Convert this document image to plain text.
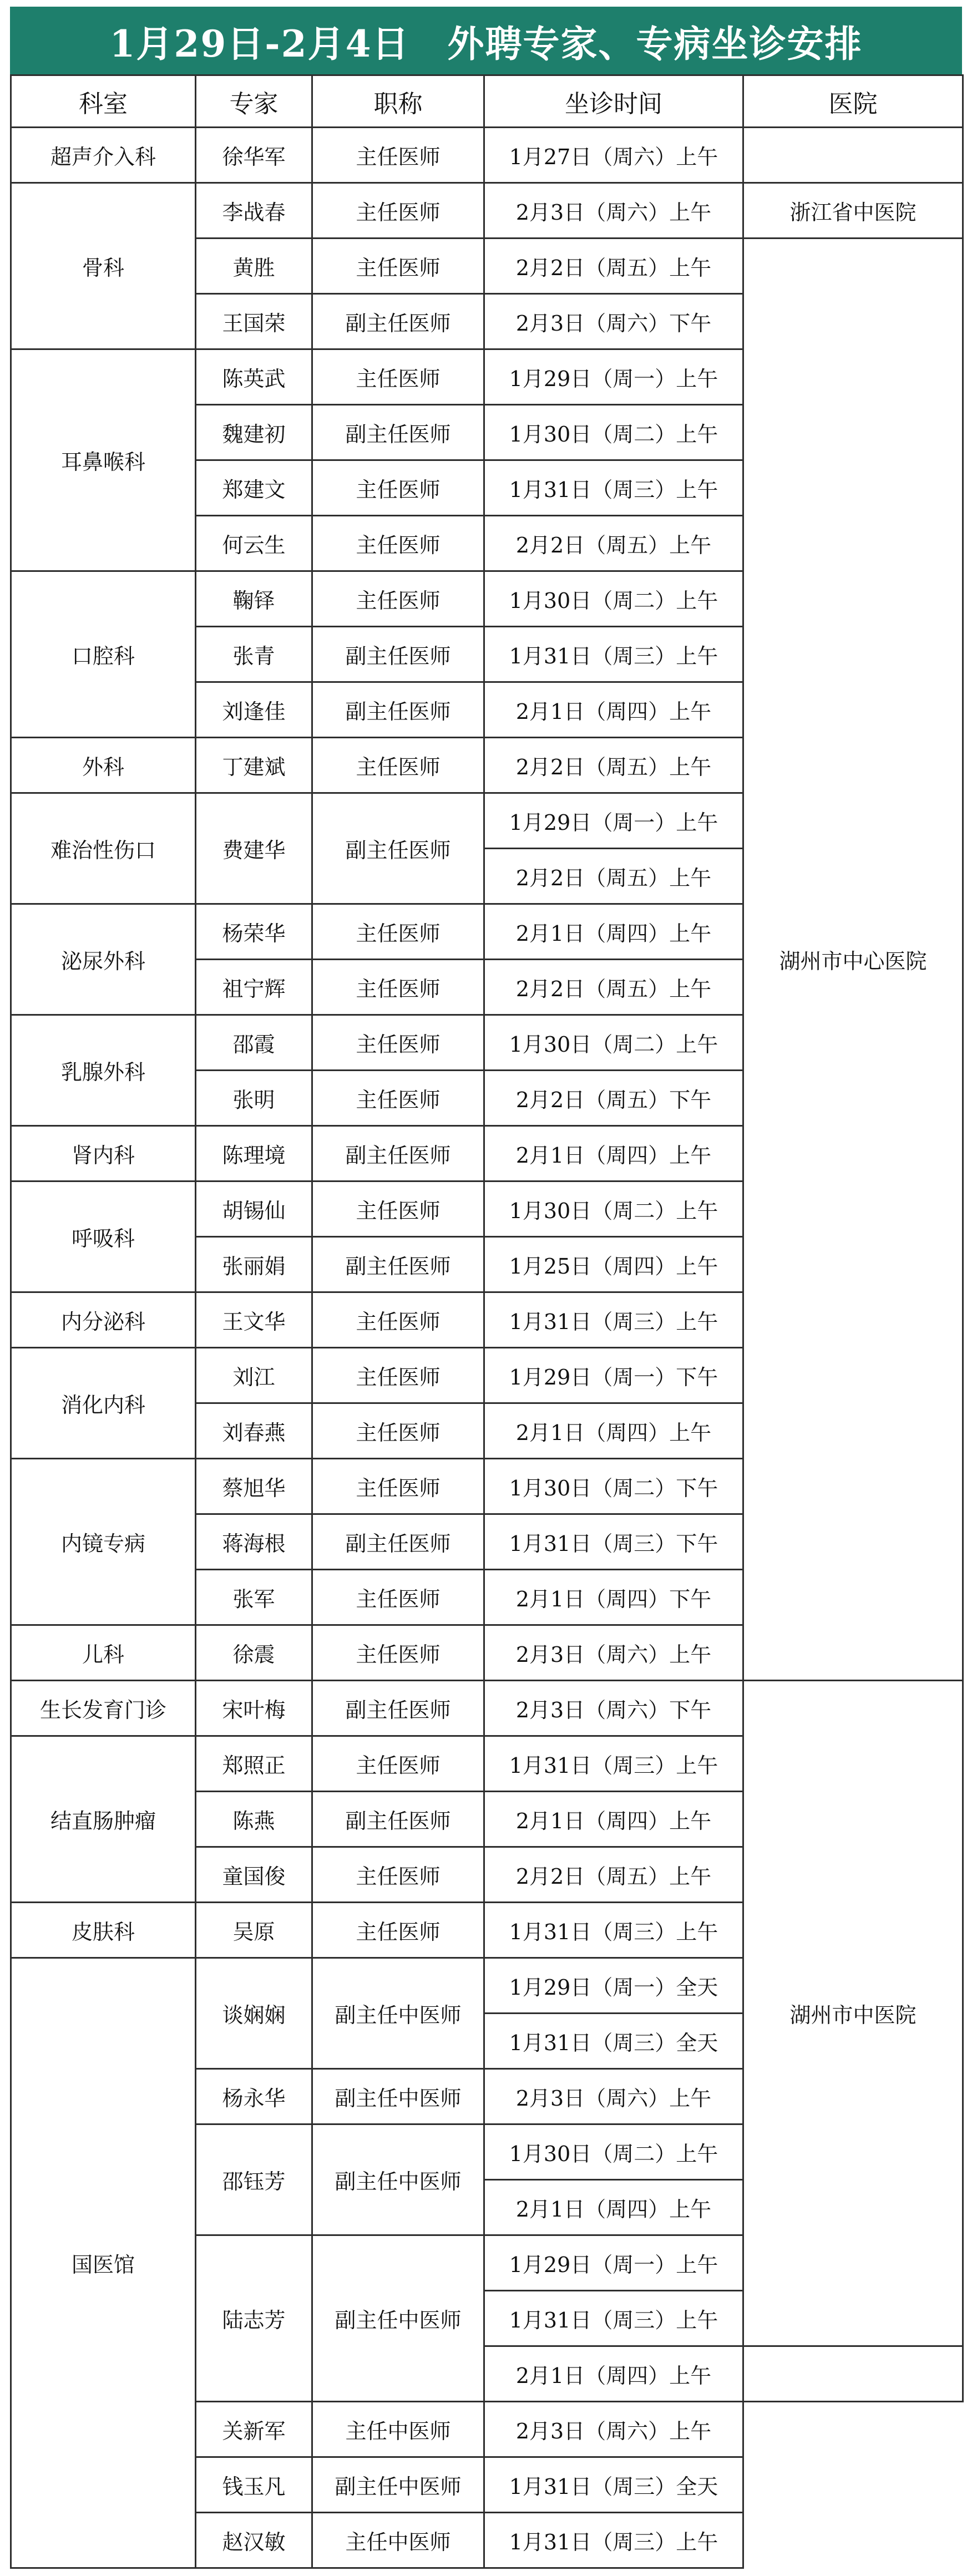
1月29日-2月4日　外聘专家、专病坐诊安排
科室	专家	职称	坐诊时间	医院
超声介入科	徐华军	主任医师	1月27日（周六）上午	
骨科	李战春	主任医师	2月3日（周六）上午	浙江省中医院
	黄胜	主任医师	2月2日（周五）上午	湖州市中心医院
	王国荣	副主任医师	2月3日（周六）下午	
耳鼻喉科	陈英武	主任医师	1月29日（周一）上午	
	魏建初	副主任医师	1月30日（周二）上午	
	郑建文	主任医师	1月31日（周三）上午	
	何云生	主任医师	2月2日（周五）上午	
口腔科	鞠铎	主任医师	1月30日（周二）上午	
	张青	副主任医师	1月31日（周三）上午	
	刘逢佳	副主任医师	2月1日（周四）上午	
外科	丁建斌	主任医师	2月2日（周五）上午	
难治性伤口	费建华	副主任医师	1月29日（周一）上午	
			2月2日（周五）上午	
泌尿外科	杨荣华	主任医师	2月1日（周四）上午	
	祖宁辉	主任医师	2月2日（周五）上午	
乳腺外科	邵霞	主任医师	1月30日（周二）上午	
	张明	主任医师	2月2日（周五）下午	
肾内科	陈理境	副主任医师	2月1日（周四）上午	
呼吸科	胡锡仙	主任医师	1月30日（周二）上午	
	张丽娟	副主任医师	1月25日（周四）上午	
内分泌科	王文华	主任医师	1月31日（周三）上午	
消化内科	刘江	主任医师	1月29日（周一）下午	
	刘春燕	主任医师	2月1日（周四）上午	
内镜专病	蔡旭华	主任医师	1月30日（周二）下午	
	蒋海根	副主任医师	1月31日（周三）下午	
	张军	主任医师	2月1日（周四）下午	
儿科	徐震	主任医师	2月3日（周六）上午	
生长发育门诊	宋叶梅	副主任医师	2月3日（周六）下午	湖州市中医院
结直肠肿瘤	郑照正	主任医师	1月31日（周三）上午	
	陈燕	副主任医师	2月1日（周四）上午	
	童国俊	主任医师	2月2日（周五）上午	
皮肤科	吴原	主任医师	1月31日（周三）上午	
国医馆	谈娴娴	副主任中医师	1月29日（周一）全天	
			1月31日（周三）全天	
	杨永华	副主任中医师	2月3日（周六）上午	
	邵钰芳	副主任中医师	1月30日（周二）上午	
			2月1日（周四）上午	
	陆志芳	副主任中医师	1月29日（周一）上午	
			1月31日（周三）上午	
			2月1日（周四）上午	
	关新军	主任中医师	2月3日（周六）上午	
	钱玉凡	副主任中医师	1月31日（周三）全天	
	赵汉敏	主任中医师	1月31日（周三）上午	
